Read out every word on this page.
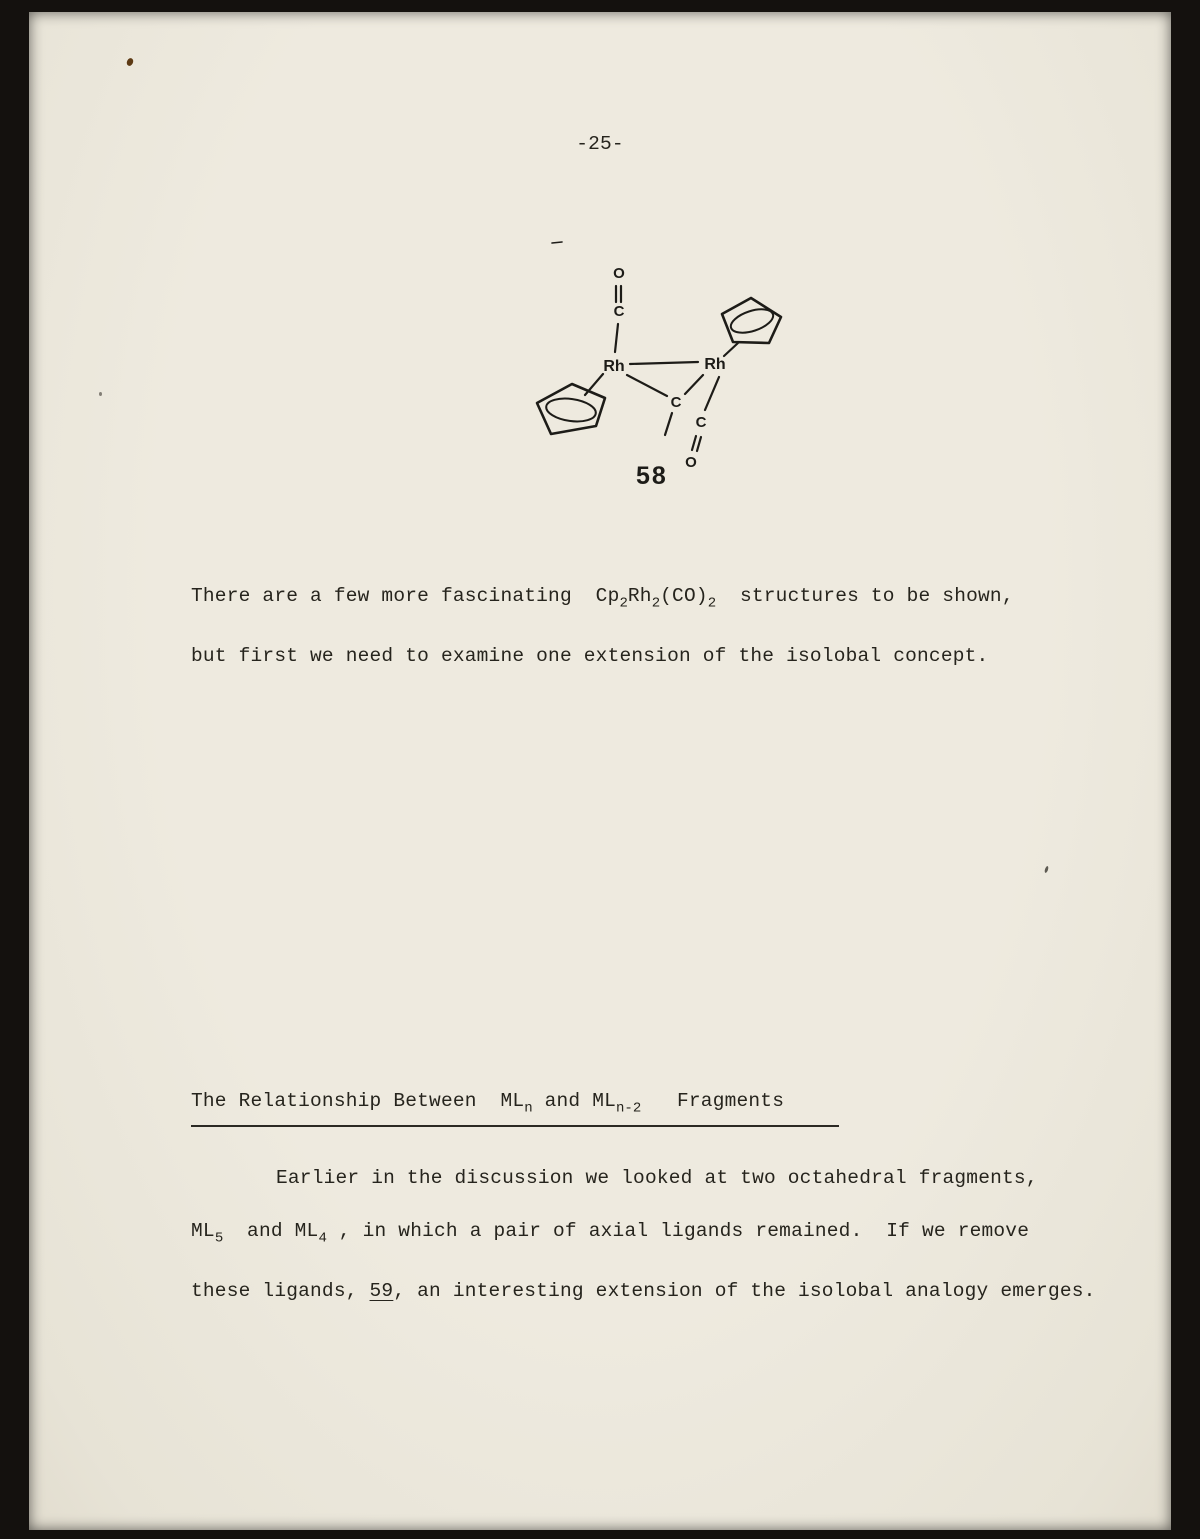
-25-
O
C
Rh	Rh
C
C
O
58
There are a few more fascinating  $Cp_2Rh_2(CO)_2$  structures to be shown,
but first we need to examine one extension of the isolobal concept.
The Relationship Between  $ML_n$ and $ML_{n-2}$   Fragments
Earlier in the discussion we looked at two octahedral fragments,
$ML_5$  and $ML_4$ , in which a pair of axial ligands remained.  If we remove
these ligands, 59, an interesting extension of the isolobal analogy emerges.
